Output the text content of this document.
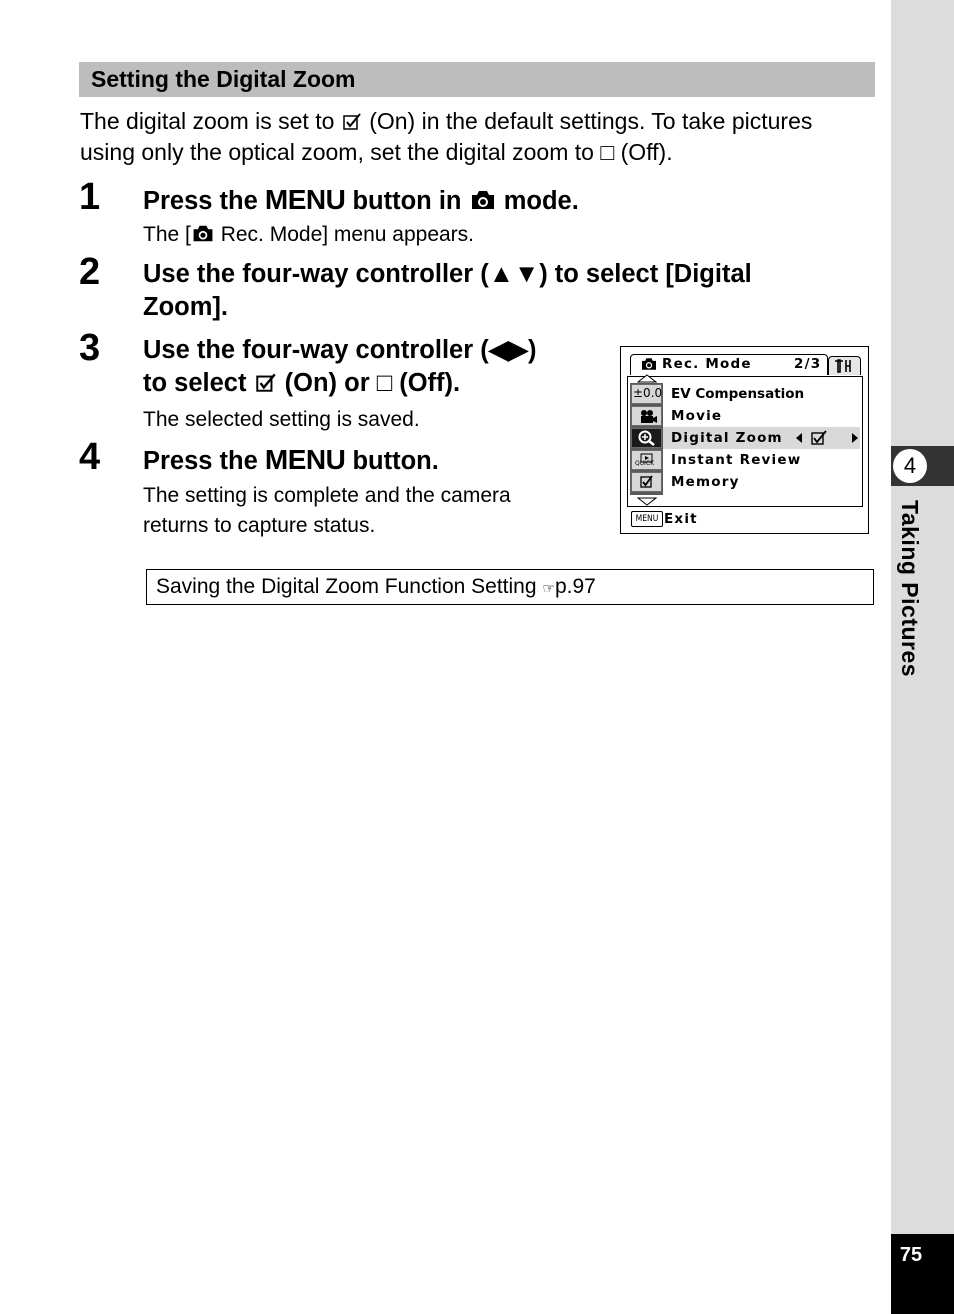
Setting the Digital Zoom
The digital zoom is set to (On) in the default settings. To take pictures
using only the optical zoom, set the digital zoom to □ (Off).
1 Press the MENU button in mode.
The [ Rec. Mode] menu appears.
2 Use the four-way controller (▲▼) to select [Digital
Zoom].
3 Use the four-way controller (◀▶)
to select (On) or □ (Off).
The selected setting is saved.
4 Press the MENU button.
The setting is complete and the camera
returns to capture status.
Rec. Mode	2/3
±0.0
QUICK
EV Compensation
Movie
Digital Zoom
Instant Review
Memory
MENU Exit
Saving the Digital Zoom Function Setting ☞p.97
4
Taking Pictures
75
